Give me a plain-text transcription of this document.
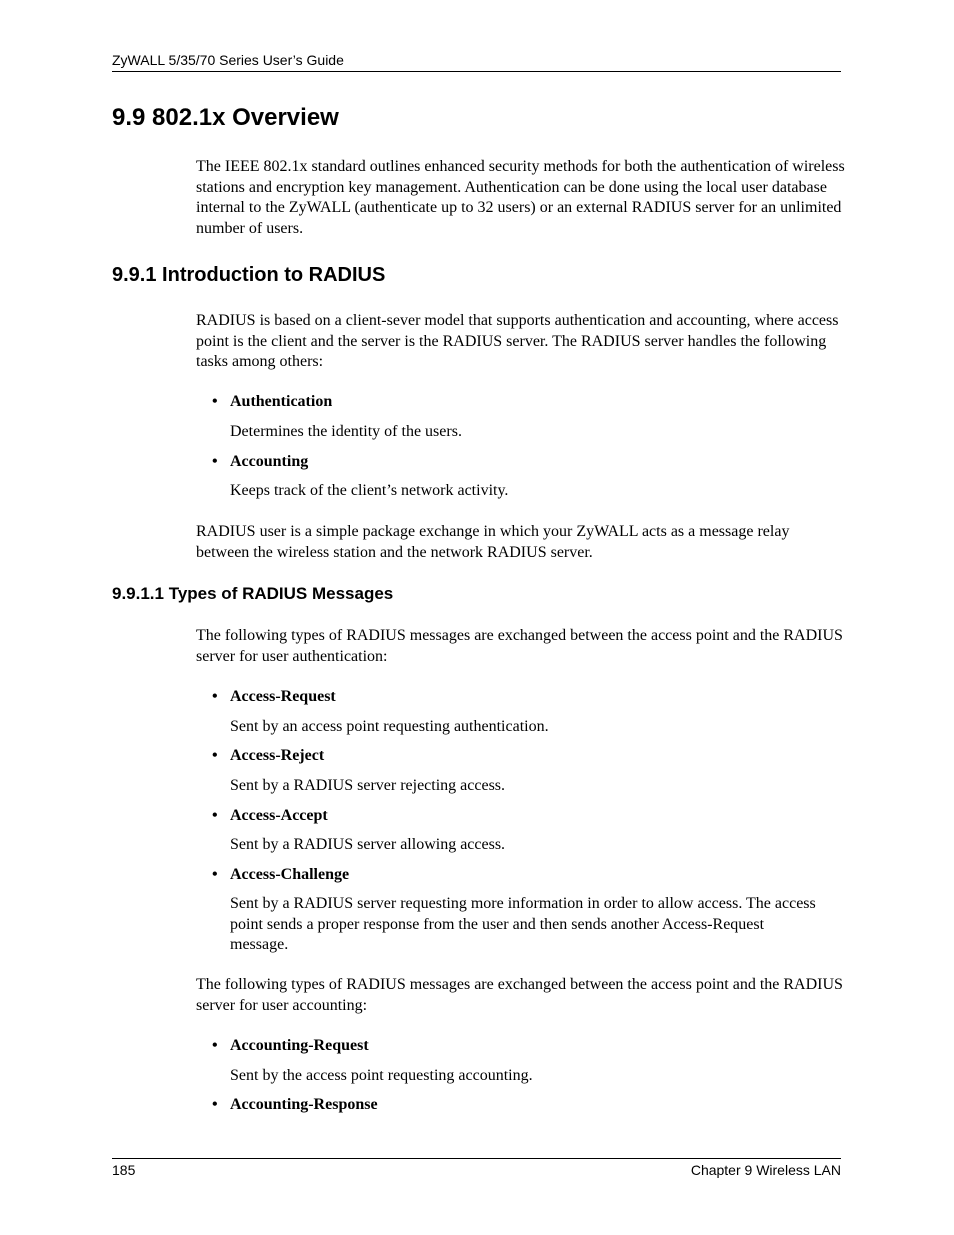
ZyWALL 5/35/70 Series User’s Guide
9.9 802.1x Overview

The IEEE 802.1x standard outlines enhanced security methods for both the authentication of wireless stations and encryption key management. Authentication can be done using the local user database internal to the ZyWALL (authenticate up to 32 users) or an external RADIUS server for an unlimited number of users.

9.9.1 Introduction to RADIUS

RADIUS is based on a client-sever model that supports authentication and accounting, where access point is the client and the server is the RADIUS server. The RADIUS server handles the following tasks among others:

• Authentication

Determines the identity of the users.

• Accounting

Keeps track of the client’s network activity.

RADIUS user is a simple package exchange in which your ZyWALL acts as a message relay between the wireless station and the network RADIUS server.

9.9.1.1 Types of RADIUS Messages

The following types of RADIUS messages are exchanged between the access point and the RADIUS server for user authentication:

• Access-Request

Sent by an access point requesting authentication.

• Access-Reject

Sent by a RADIUS server rejecting access.

• Access-Accept

Sent by a RADIUS server allowing access.

• Access-Challenge

Sent by a RADIUS server requesting more information in order to allow access. The access point sends a proper response from the user and then sends another Access-Request message.

The following types of RADIUS messages are exchanged between the access point and the RADIUS server for user accounting:

• Accounting-Request

Sent by the access point requesting accounting.

• Accounting-Response
185	Chapter 9 Wireless LAN
